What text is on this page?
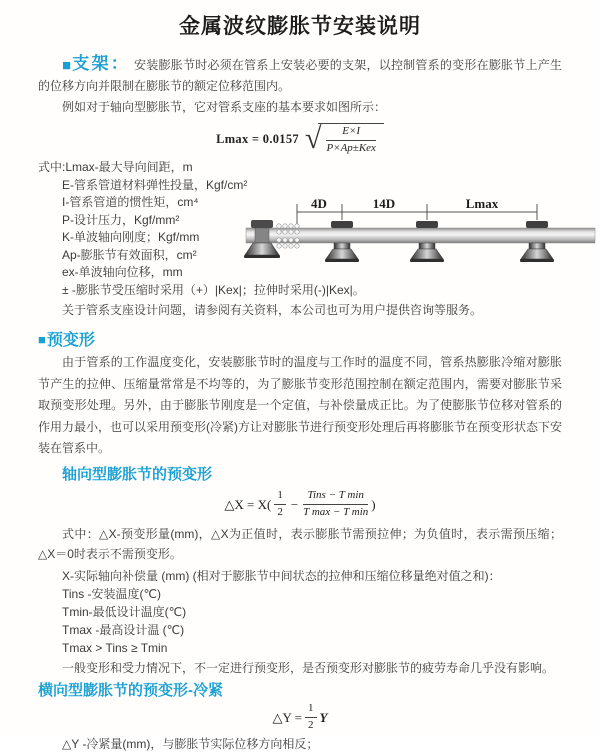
金属波纹膨胀节安装说明

■支架： 安装膨胀节时必须在管系上安装必要的支架，以控制管系的变形在膨胀节上产生的位移方向并限制在膨胀节的额定位移范围内。

例如对于轴向型膨胀节，它对管系支座的基本要求如图所示：

Lmax = 0.0157 √	E×I
P×Ap±Kex

式中:Lmax-最大导向间距，m

E-管系管道材料弹性投量，Kgf/cm²

I-管系管道的惯性矩，cm⁴

P-设计压力，Kgf/mm²

K-单波轴向刚度；Kgf/mm

Ap-膨胀节有效面积，cm²

ex-单波轴向位移，mm

± -膨胀节受压缩时采用（+）|Kex|；拉伸时采用(-)|Kex|。

关于管系支座设计问题，请参阅有关资料，本公司也可为用户提供咨询等服务。

■预变形

由于管系的工作温度变化，安装膨胀节时的温度与工作时的温度不同，管系热膨胀冷缩对膨胀节产生的拉伸、压缩量常常是不均等的，为了膨胀节变形范围控制在额定范围内，需要对膨胀节采取预变形处理。另外，由于膨胀节刚度是一个定值，与补偿量成正比。为了使膨胀节位移对管系的作用力最小，也可以采用预变形(冷紧)方让对膨胀节进行预变形处理后再将膨胀节在预变形状态下安装在管系中。

轴向型膨胀节的预变形

△X = $X( \frac{1}{2}$ −
Tins − T min
T max − T min )

式中：△X-预变形量(mm)，△X为正值时，表示膨胀节需预拉伸；为负值时，表示需预压缩；△X＝0时表示不需预变形。

X-实际轴向补偿量 (mm) (相对于膨胀节中间状态的拉伸和压缩位移量绝对值之和)：

Tins -安装温度(℃)

Tmin-最低设计温度(℃)

Tmax -最高设计温 (℃)

Tmax > Tins ≥ Tmin

一般变形和受力情况下，不一定进行预变形，是否预变形对膨胀节的疲劳寿命几乎没有影响。

横向型膨胀节的预变形-冷紧

△Y = $\frac{1}{2}$ Y

△Y -冷紧量(mm)，与膨胀节实际位移方向相反；

4D	14D	Lmax
